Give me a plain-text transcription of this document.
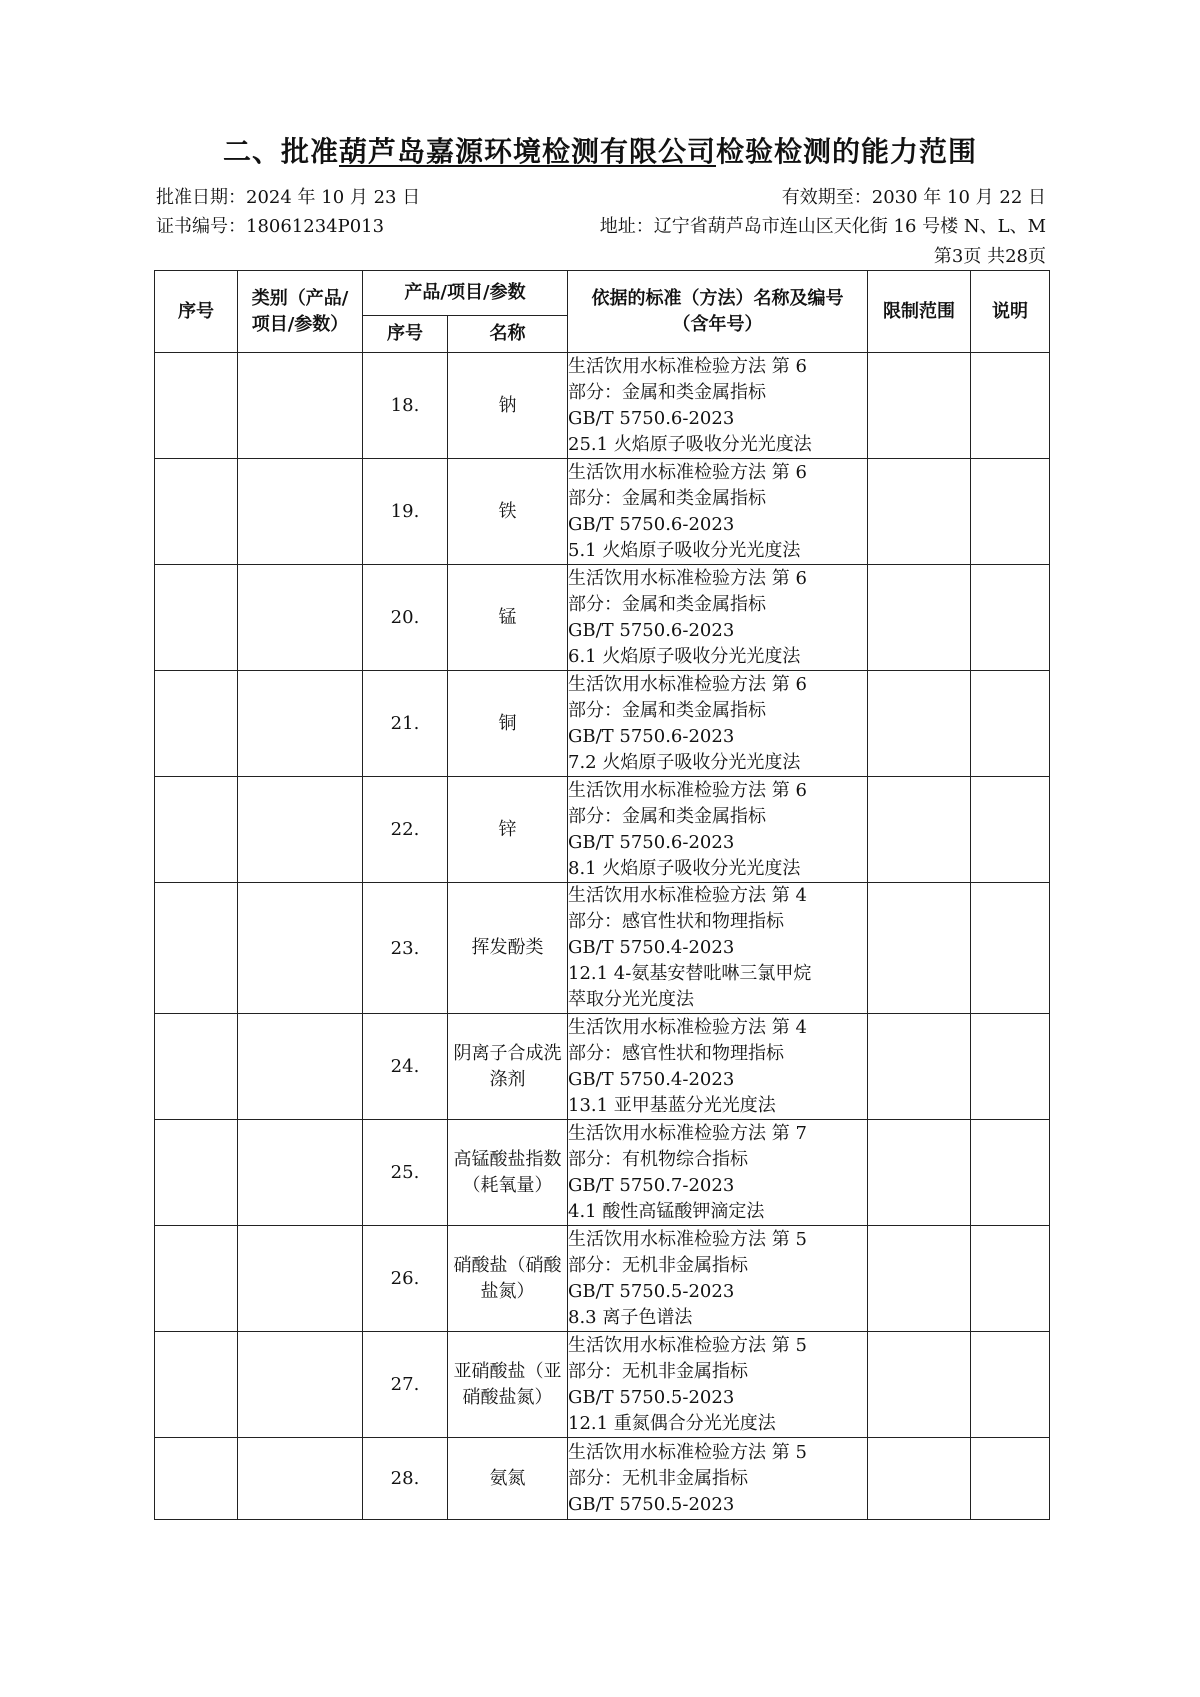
二、批准葫芦岛嘉源环境检测有限公司检验检测的能力范围
批准日期：2024 年 10 月 23 日	有效期至：2030 年 10 月 22 日
证书编号：18061234P013	地址：辽宁省葫芦岛市连山区天化街 16 号楼 N、L、M
第3页 共28页
序号	类别（产品/项目/参数）	产品/项目/参数		依据的标准（方法）名称及编号（含年号）	限制范围	说明
		序号	名称			
		18.	钠	生活饮用水标准检验方法 第 6
部分：金属和类金属指标
GB/T 5750.6-2023
25.1 火焰原子吸收分光光度法		

		19.	铁	生活饮用水标准检验方法 第 6
部分：金属和类金属指标
GB/T 5750.6-2023
5.1 火焰原子吸收分光光度法		

		20.	锰	生活饮用水标准检验方法 第 6
部分：金属和类金属指标
GB/T 5750.6-2023
6.1 火焰原子吸收分光光度法		

		21.	铜	生活饮用水标准检验方法 第 6
部分：金属和类金属指标
GB/T 5750.6-2023
7.2 火焰原子吸收分光光度法		

		22.	锌	生活饮用水标准检验方法 第 6
部分：金属和类金属指标
GB/T 5750.6-2023
8.1 火焰原子吸收分光光度法		

		23.	挥发酚类	生活饮用水标准检验方法 第 4
部分：感官性状和物理指标
GB/T 5750.4-2023
12.1 4-氨基安替吡啉三氯甲烷
萃取分光光度法		

		24.	阴离子合成洗涤剂	生活饮用水标准检验方法 第 4
部分：感官性状和物理指标
GB/T 5750.4-2023
13.1 亚甲基蓝分光光度法		

		25.	高锰酸盐指数（耗氧量）	生活饮用水标准检验方法 第 7
部分：有机物综合指标
GB/T 5750.7-2023
4.1 酸性高锰酸钾滴定法		

		26.	硝酸盐（硝酸盐氮）	生活饮用水标准检验方法 第 5
部分：无机非金属指标
GB/T 5750.5-2023
8.3 离子色谱法		

		27.	亚硝酸盐（亚硝酸盐氮）	生活饮用水标准检验方法 第 5
部分：无机非金属指标
GB/T 5750.5-2023
12.1 重氮偶合分光光度法		

		28.	氨氮	生活饮用水标准检验方法 第 5
部分：无机非金属指标
GB/T 5750.5-2023		
